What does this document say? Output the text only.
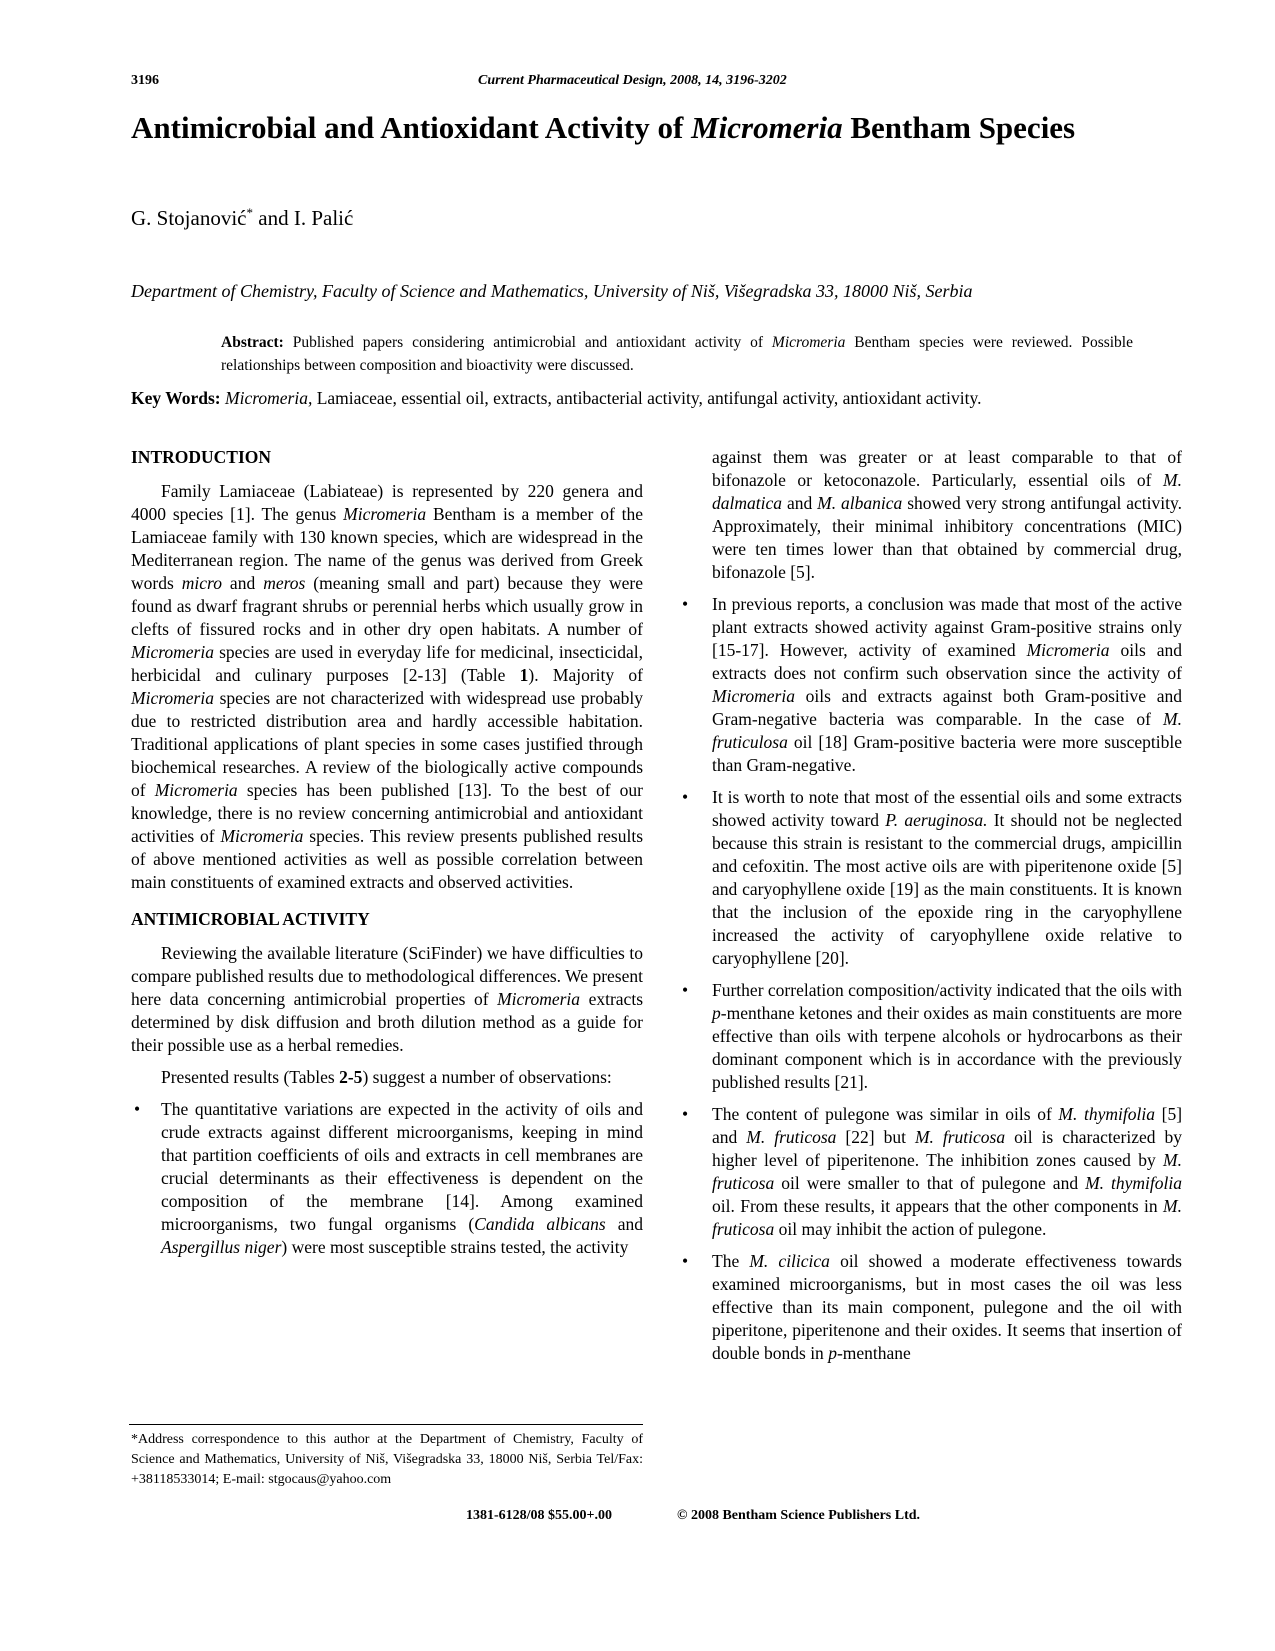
3196	Current Pharmaceutical Design, 2008, 14, 3196-3202
Antimicrobial and Antioxidant Activity of Micromeria Bentham Species
G. Stojanović* and I. Palić
Department of Chemistry, Faculty of Science and Mathematics, University of Niš, Višegradska 33, 18000 Niš, Serbia
Abstract: Published papers considering antimicrobial and antioxidant activity of Micromeria Bentham species were reviewed. Possible relationships between composition and bioactivity were discussed.
Key Words: Micromeria, Lamiaceae, essential oil, extracts, antibacterial activity, antifungal activity, antioxidant activity.
INTRODUCTION

Family Lamiaceae (Labiateae) is represented by 220 genera and 4000 species [1]. The genus Micromeria Bentham is a member of the Lamiaceae family with 130 known species, which are widespread in the Mediterranean region. The name of the genus was derived from Greek words micro and meros (meaning small and part) because they were found as dwarf fragrant shrubs or perennial herbs which usually grow in clefts of fissured rocks and in other dry open habitats. A number of Micromeria species are used in everyday life for medicinal, insecticidal, herbicidal and culinary purposes [2-13] (Table 1). Majority of Micromeria species are not characterized with widespread use probably due to restricted distribution area and hardly accessible habitation. Traditional applications of plant species in some cases justified through biochemical researches. A review of the biologically active compounds of Micromeria species has been published [13]. To the best of our knowledge, there is no review concerning antimicrobial and antioxidant activities of Micromeria species. This review presents published results of above mentioned activities as well as possible correlation between main constituents of examined extracts and observed activities.

ANTIMICROBIAL ACTIVITY

Reviewing the available literature (SciFinder) we have difficulties to compare published results due to methodological differences. We present here data concerning antimicrobial properties of Micromeria extracts determined by disk diffusion and broth dilution method as a guide for their possible use as a herbal remedies.

Presented results (Tables 2-5) suggest a number of observations:

• The quantitative variations are expected in the activity of oils and crude extracts against different microorganisms, keeping in mind that partition coefficients of oils and extracts in cell membranes are crucial determinants as their effectiveness is dependent on the composition of the membrane [14]. Among examined microorganisms, two fungal organisms (Candida albicans and Aspergillus niger) were most susceptible strains tested, the activity
against them was greater or at least comparable to that of bifonazole or ketoconazole. Particularly, essential oils of M. dalmatica and M. albanica showed very strong antifungal activity. Approximately, their minimal inhibitory concentrations (MIC) were ten times lower than that obtained by commercial drug, bifonazole [5].
• In previous reports, a conclusion was made that most of the active plant extracts showed activity against Gram-positive strains only [15-17]. However, activity of examined Micromeria oils and extracts does not confirm such observation since the activity of Micromeria oils and extracts against both Gram-positive and Gram-negative bacteria was comparable. In the case of M. fruticulosa oil [18] Gram-positive bacteria were more susceptible than Gram-negative.
• It is worth to note that most of the essential oils and some extracts showed activity toward P. aeruginosa. It should not be neglected because this strain is resistant to the commercial drugs, ampicillin and cefoxitin. The most active oils are with piperitenone oxide [5] and caryophyllene oxide [19] as the main constituents. It is known that the inclusion of the epoxide ring in the caryophyllene increased the activity of caryophyllene oxide relative to caryophyllene [20].
• Further correlation composition/activity indicated that the oils with p-menthane ketones and their oxides as main constituents are more effective than oils with terpene alcohols or hydrocarbons as their dominant component which is in accordance with the previously published results [21].
• The content of pulegone was similar in oils of M. thymifolia [5] and M. fruticosa [22] but M. fruticosa oil is characterized by higher level of piperitenone. The inhibition zones caused by M. fruticosa oil were smaller to that of pulegone and M. thymifolia oil. From these results, it appears that the other components in M. fruticosa oil may inhibit the action of pulegone.
• The M. cilicica oil showed a moderate effectiveness towards examined microorganisms, but in most cases the oil was less effective than its main component, pulegone and the oil with piperitone, piperitenone and their oxides. It seems that insertion of double bonds in p-menthane
*Address correspondence to this author at the Department of Chemistry, Faculty of Science and Mathematics, University of Niš, Višegradska 33, 18000 Niš, Serbia Tel/Fax: +38118533014; E-mail: stgocaus@yahoo.com
1381-6128/08 $55.00+.00	© 2008 Bentham Science Publishers Ltd.
